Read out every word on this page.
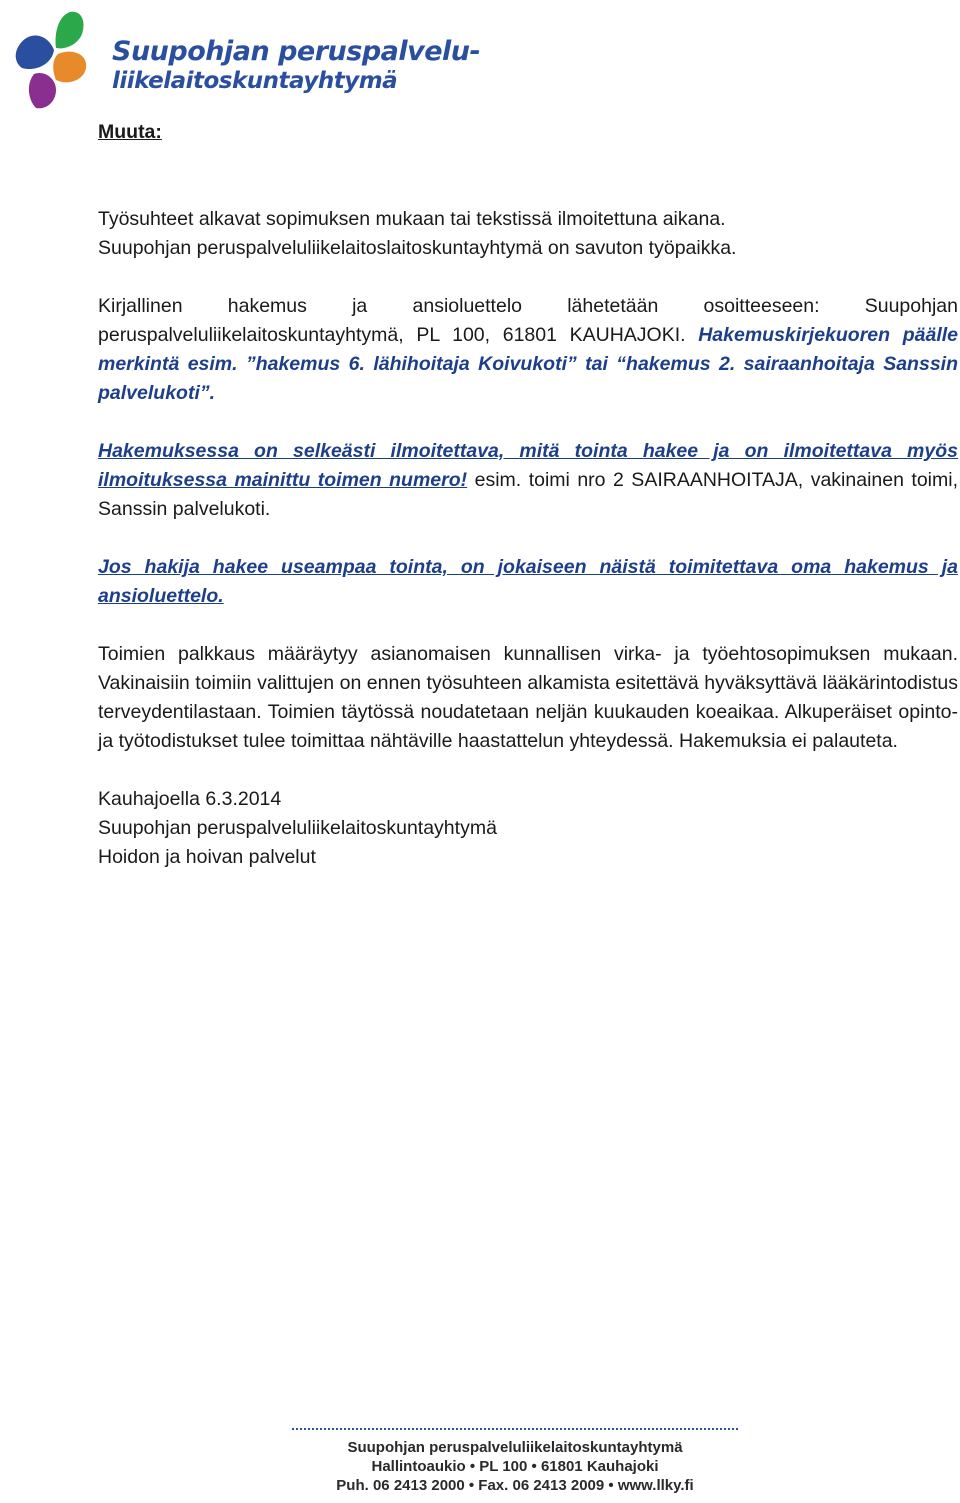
Suupohjan peruspalvelu-
liikelaitoskuntayhtymä

Muuta:

Työsuhteet alkavat sopimuksen mukaan tai tekstissä ilmoitettuna aikana.

Suupohjan peruspalveluliikelaitoslaitoskuntayhtymä on savuton työpaikka.

Kirjallinen hakemus ja ansioluettelo lähetetään osoitteeseen: Suupohjan peruspalveluliikelaitoskuntayhtymä, PL 100, 61801 KAUHAJOKI. Hakemuskirjekuoren päälle merkintä esim. ”hakemus 6. lähihoitaja Koivukoti” tai “hakemus 2. sairaanhoitaja Sanssin palvelukoti”.

Hakemuksessa on selkeästi ilmoitettava, mitä tointa hakee ja on ilmoitettava myös ilmoituksessa mainittu toimen numero! esim. toimi nro 2 SAIRAANHOITAJA, vakinainen toimi, Sanssin palvelukoti.

Jos hakija hakee useampaa tointa, on jokaiseen näistä toimitettava oma hakemus ja ansioluettelo.

Toimien palkkaus määräytyy asianomaisen kunnallisen virka- ja työehtosopimuksen mukaan. Vakinaisiin toimiin valittujen on ennen työsuhteen alkamista esitettävä hyväksyttävä lääkärintodistus terveydentilastaan. Toimien täytössä noudatetaan neljän kuukauden koeaikaa. Alkuperäiset opinto- ja työtodistukset tulee toimittaa nähtäville haastattelun yhteydessä. Hakemuksia ei palauteta.

Kauhajoella 6.3.2014

Suupohjan peruspalveluliikelaitoskuntayhtymä

Hoidon ja hoivan palvelut

Suupohjan peruspalveluliikelaitoskuntayhtymä
Hallintoaukio • PL 100 • 61801 Kauhajoki
Puh. 06 2413 2000 • Fax. 06 2413 2009 • www.llky.fi
